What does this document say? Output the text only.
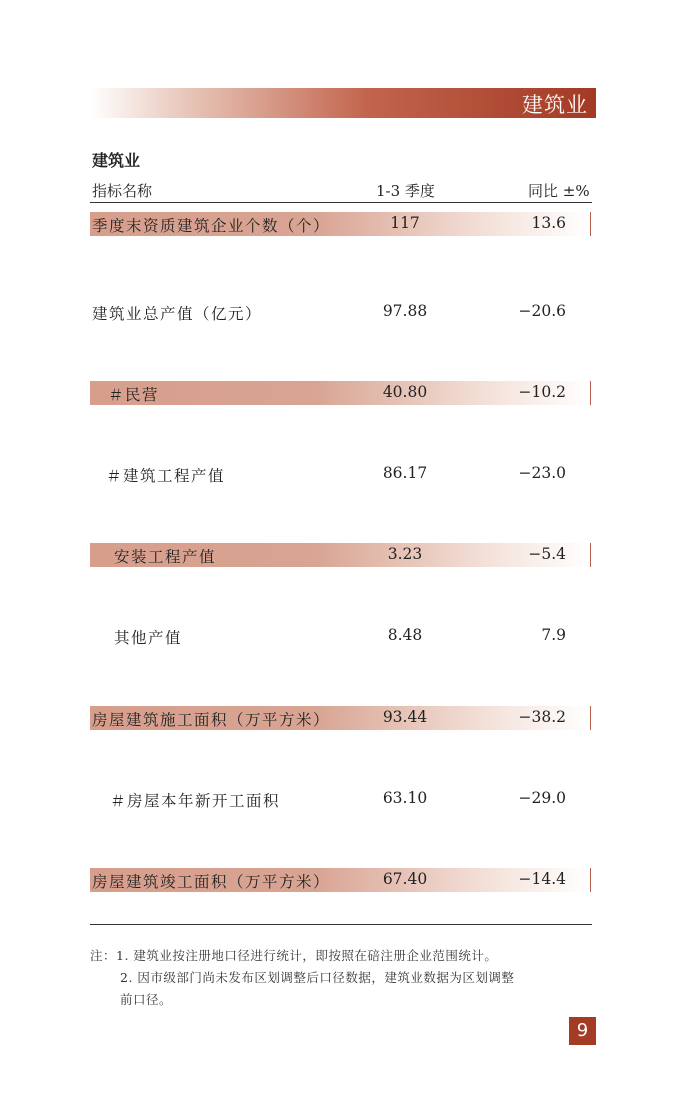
建筑业
建筑业
指标名称	1-3 季度	同比 ±%
季度末资质建筑企业个数（个）	117	13.6
建筑业总产值（亿元）	97.88	−20.6
＃民营	40.80	−10.2
＃建筑工程产值	86.17	−23.0
安装工程产值	3.23	−5.4
其他产值	8.48	7.9
房屋建筑施工面积（万平方米）	93.44	−38.2
＃房屋本年新开工面积	63.10	−29.0
房屋建筑竣工面积（万平方米）	67.40	−14.4
注：1. 建筑业按注册地口径进行统计，即按照在碚注册企业范围统计。
2. 因市级部门尚未发布区划调整后口径数据，建筑业数据为区划调整
前口径。
9
